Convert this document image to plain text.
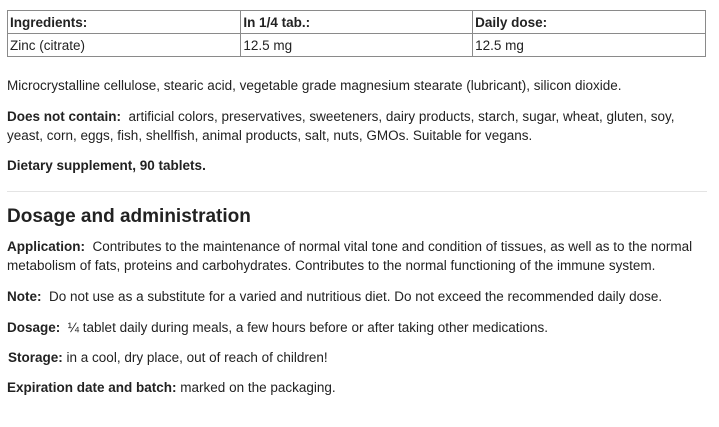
Ingredients:	In 1/4 tab.:	Daily dose:
Zinc (citrate)	12.5 mg	12.5 mg

Microcrystalline cellulose, stearic acid, vegetable grade magnesium stearate (lubricant), silicon dioxide.

Does not contain: artificial colors, preservatives, sweeteners, dairy products, starch, sugar, wheat, gluten, soy, yeast, corn, eggs, fish, shellfish, animal products, salt, nuts, GMOs. Suitable for vegans.

Dietary supplement, 90 tablets.

Dosage and administration

Application: Contributes to the maintenance of normal vital tone and condition of tissues, as well as to the normal metabolism of fats, proteins and carbohydrates. Contributes to the normal functioning of the immune system.

Note: Do not use as a substitute for a varied and nutritious diet. Do not exceed the recommended daily dose.

Dosage: ¼ tablet daily during meals, a few hours before or after taking other medications.

Storage: in a cool, dry place, out of reach of children!

Expiration date and batch: marked on the packaging.
